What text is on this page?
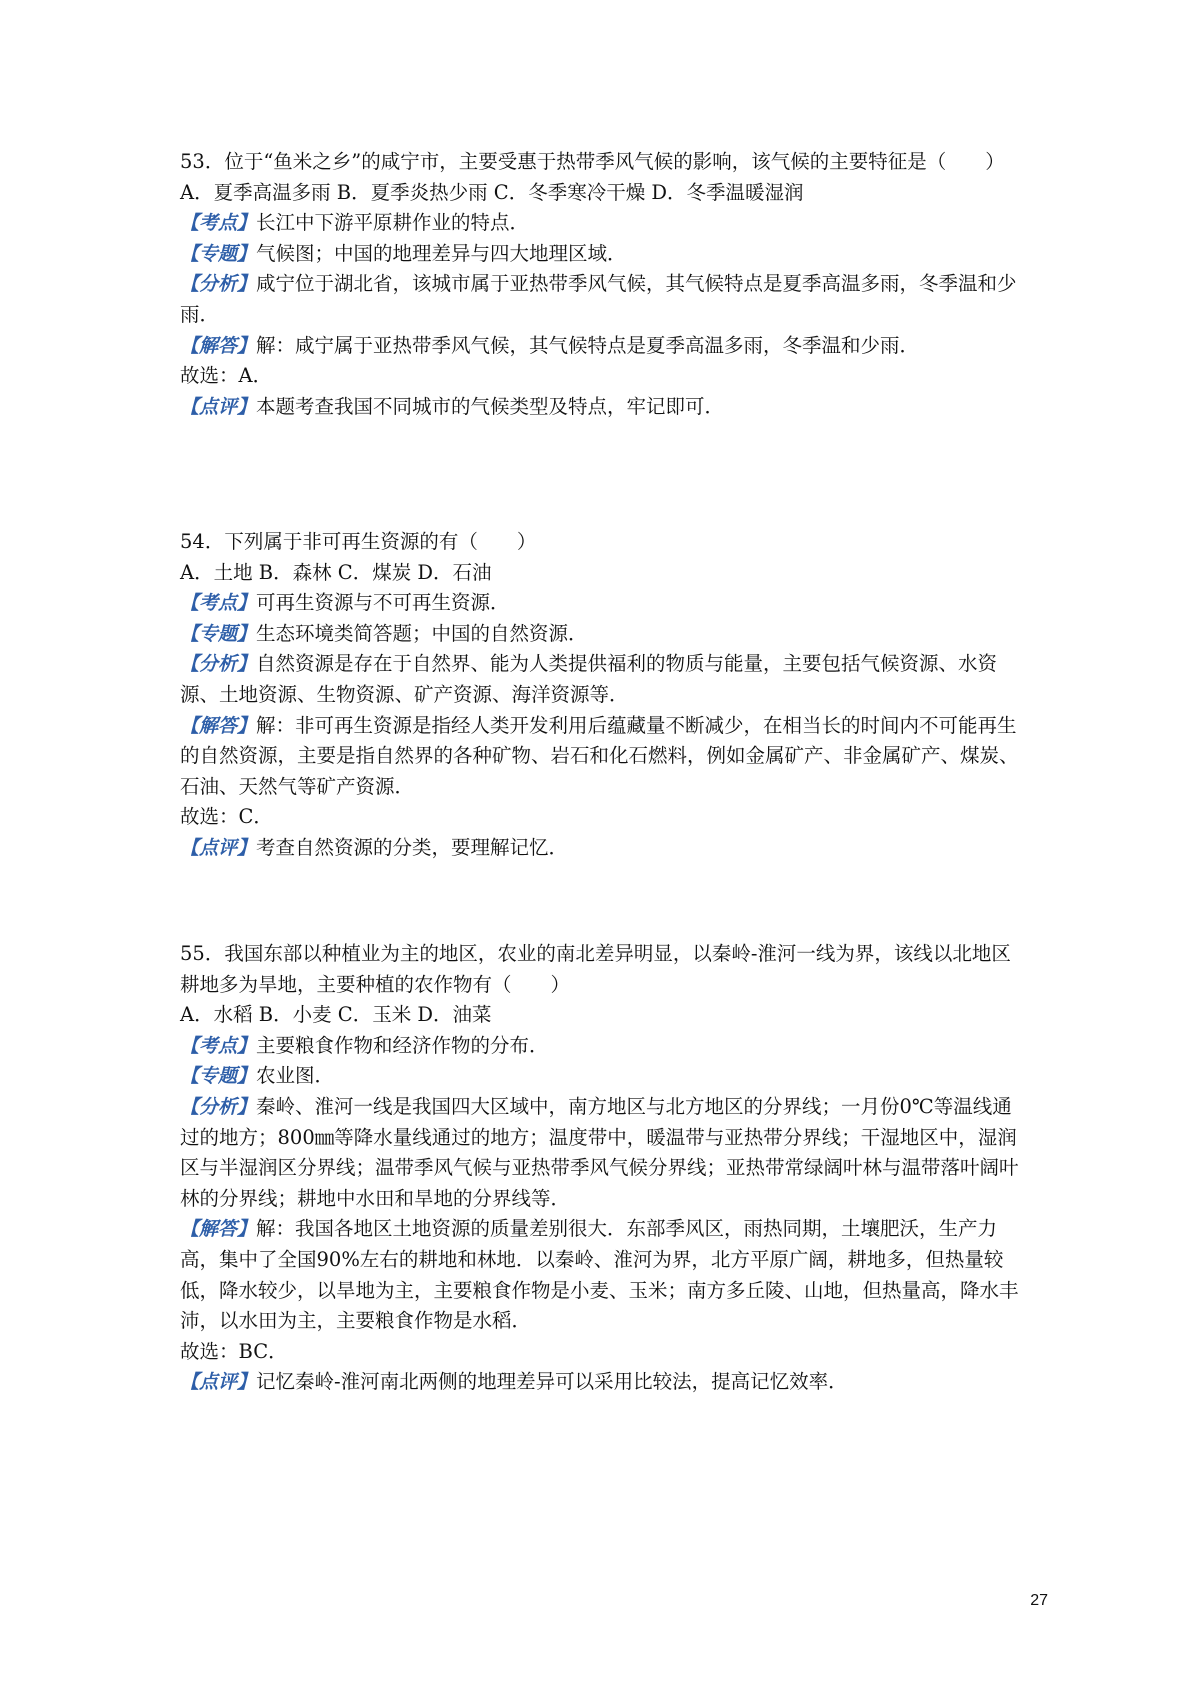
53．位于“鱼米之乡”的咸宁市，主要受惠于热带季风气候的影响，该气候的主要特征是（　　）

A．夏季高温多雨 B．夏季炎热少雨 C．冬季寒冷干燥 D．冬季温暖湿润

【考点】长江中下游平原耕作业的特点．

【专题】气候图；中国的地理差异与四大地理区域．

【分析】咸宁位于湖北省，该城市属于亚热带季风气候，其气候特点是夏季高温多雨，冬季温和少雨．

【解答】解：咸宁属于亚热带季风气候，其气候特点是夏季高温多雨，冬季温和少雨．

故选：A．

【点评】本题考查我国不同城市的气候类型及特点，牢记即可．

54．下列属于非可再生资源的有（　　）

A．土地 B．森林 C．煤炭 D．石油

【考点】可再生资源与不可再生资源．

【专题】生态环境类简答题；中国的自然资源．

【分析】自然资源是存在于自然界、能为人类提供福利的物质与能量，主要包括气候资源、水资源、土地资源、生物资源、矿产资源、海洋资源等．

【解答】解：非可再生资源是指经人类开发利用后蕴藏量不断减少，在相当长的时间内不可能再生的自然资源，主要是指自然界的各种矿物、岩石和化石燃料，例如金属矿产、非金属矿产、煤炭、石油、天然气等矿产资源．

故选：C．

【点评】考查自然资源的分类，要理解记忆．

55．我国东部以种植业为主的地区，农业的南北差异明显，以秦岭-淮河一线为界，该线以北地区耕地多为旱地，主要种植的农作物有（　　）

A．水稻 B．小麦 C．玉米 D．油菜

【考点】主要粮食作物和经济作物的分布．

【专题】农业图．

【分析】秦岭、淮河一线是我国四大区域中，南方地区与北方地区的分界线；一月份0℃等温线通过的地方；800㎜等降水量线通过的地方；温度带中，暖温带与亚热带分界线；干湿地区中，湿润区与半湿润区分界线；温带季风气候与亚热带季风气候分界线；亚热带常绿阔叶林与温带落叶阔叶林的分界线；耕地中水田和旱地的分界线等．

【解答】解：我国各地区土地资源的质量差别很大．东部季风区，雨热同期，土壤肥沃，生产力高，集中了全国90%左右的耕地和林地．以秦岭、淮河为界，北方平原广阔，耕地多，但热量较低，降水较少，以旱地为主，主要粮食作物是小麦、玉米；南方多丘陵、山地，但热量高，降水丰沛，以水田为主，主要粮食作物是水稻．

故选：BC．

【点评】记忆秦岭-淮河南北两侧的地理差异可以采用比较法，提高记忆效率．

27
